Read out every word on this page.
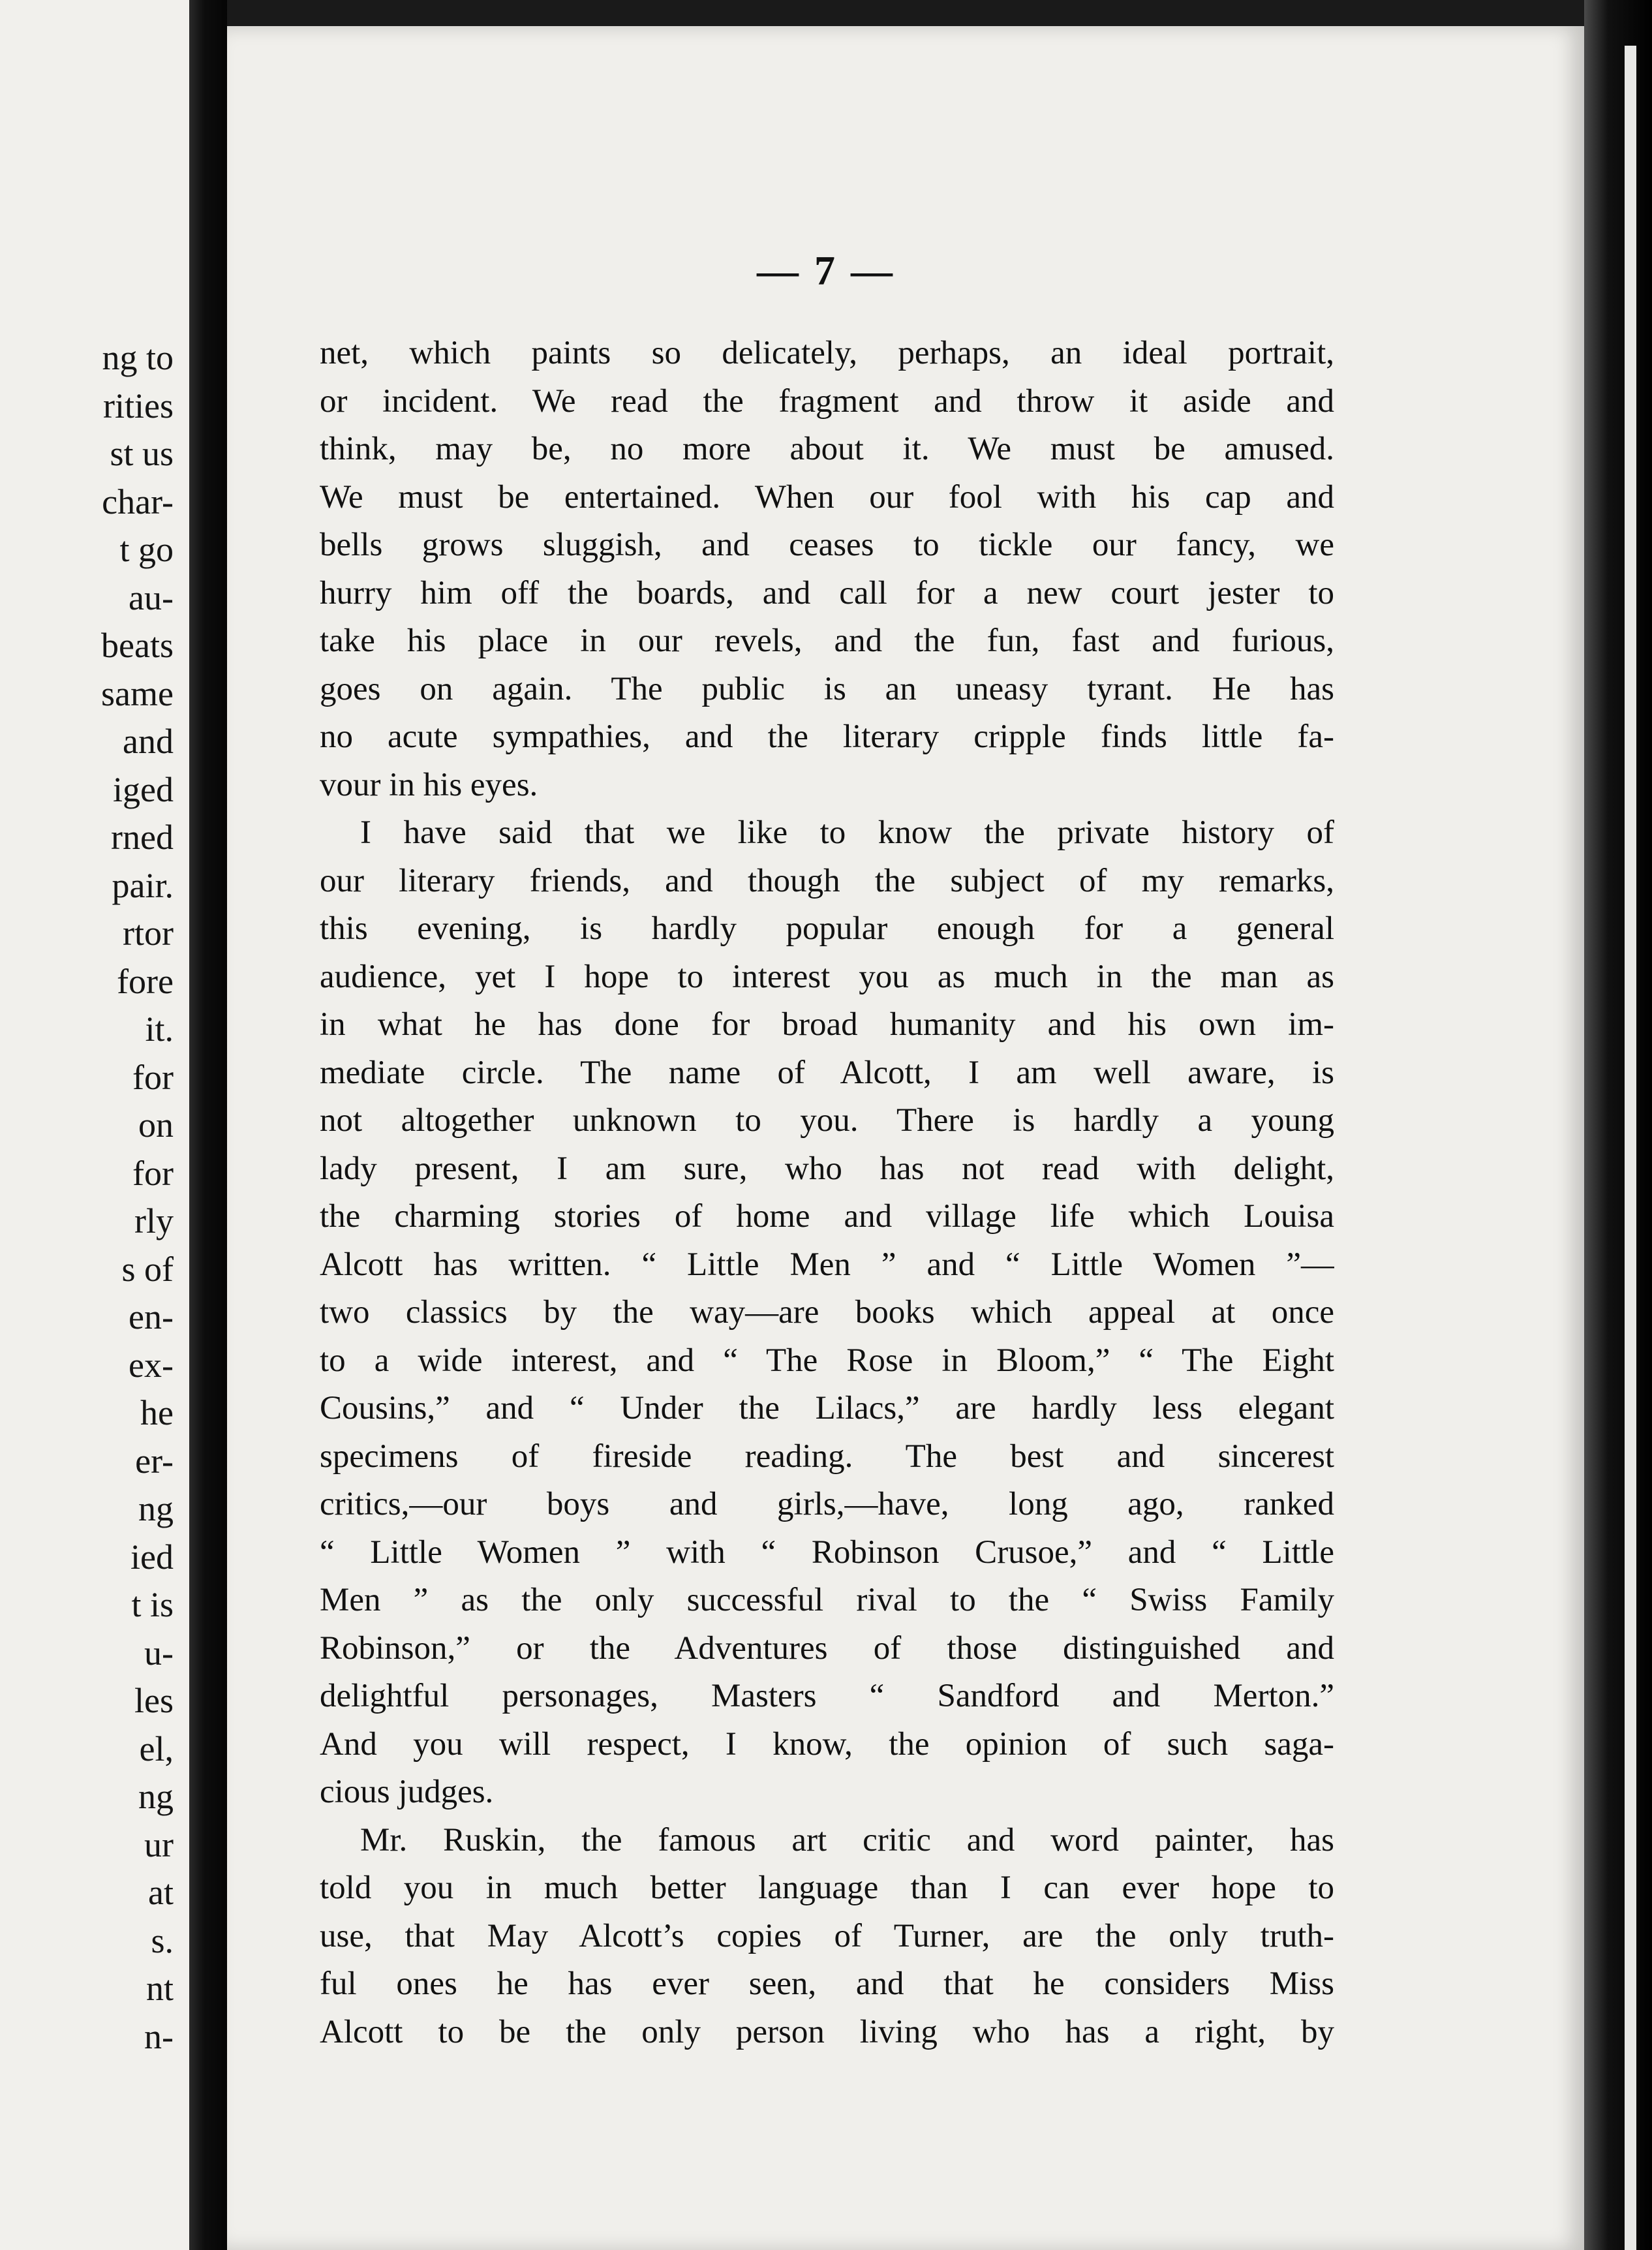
ng to
rities
st us
char-
t go
au-
beats
same
and
iged
rned
pair.
rtor
fore
it.
for
on
for
rly
s of
en-
ex-
he
er-
ng
ied
t is
u-
les
el,
ng
ur
at
s.
nt
n-
— 7 —
net, which paints so delicately, perhaps, an ideal portrait,
or incident. We read the fragment and throw it aside and
think, may be, no more about it. We must be amused.
We must be entertained. When our fool with his cap and
bells grows sluggish, and ceases to tickle our fancy, we
hurry him off the boards, and call for a new court jester to
take his place in our revels, and the fun, fast and furious,
goes on again. The public is an uneasy tyrant. He has
no acute sympathies, and the literary cripple finds little fa-
vour in his eyes.
I have said that we like to know the private history of
our literary friends, and though the subject of my remarks,
this evening, is hardly popular enough for a general
audience, yet I hope to interest you as much in the man as
in what he has done for broad humanity and his own im-
mediate circle. The name of Alcott, I am well aware, is
not altogether unknown to you. There is hardly a young
lady present, I am sure, who has not read with delight,
the charming stories of home and village life which Louisa
Alcott has written. “ Little Men ” and “ Little Women ”—
two classics by the way—are books which appeal at once
to a wide interest, and “ The Rose in Bloom,” “ The Eight
Cousins,” and “ Under the Lilacs,” are hardly less elegant
specimens of fireside reading. The best and sincerest
critics,—our boys and girls,—have, long ago, ranked
“ Little Women ” with “ Robinson Crusoe,” and “ Little
Men ” as the only successful rival to the “ Swiss Family
Robinson,” or the Adventures of those distinguished and
delightful personages, Masters “ Sandford and Merton.”
And you will respect, I know, the opinion of such saga-
cious judges.
Mr. Ruskin, the famous art critic and word painter, has
told you in much better language than I can ever hope to
use, that May Alcott’s copies of Turner, are the only truth-
ful ones he has ever seen, and that he considers Miss
Alcott to be the only person living who has a right, by
